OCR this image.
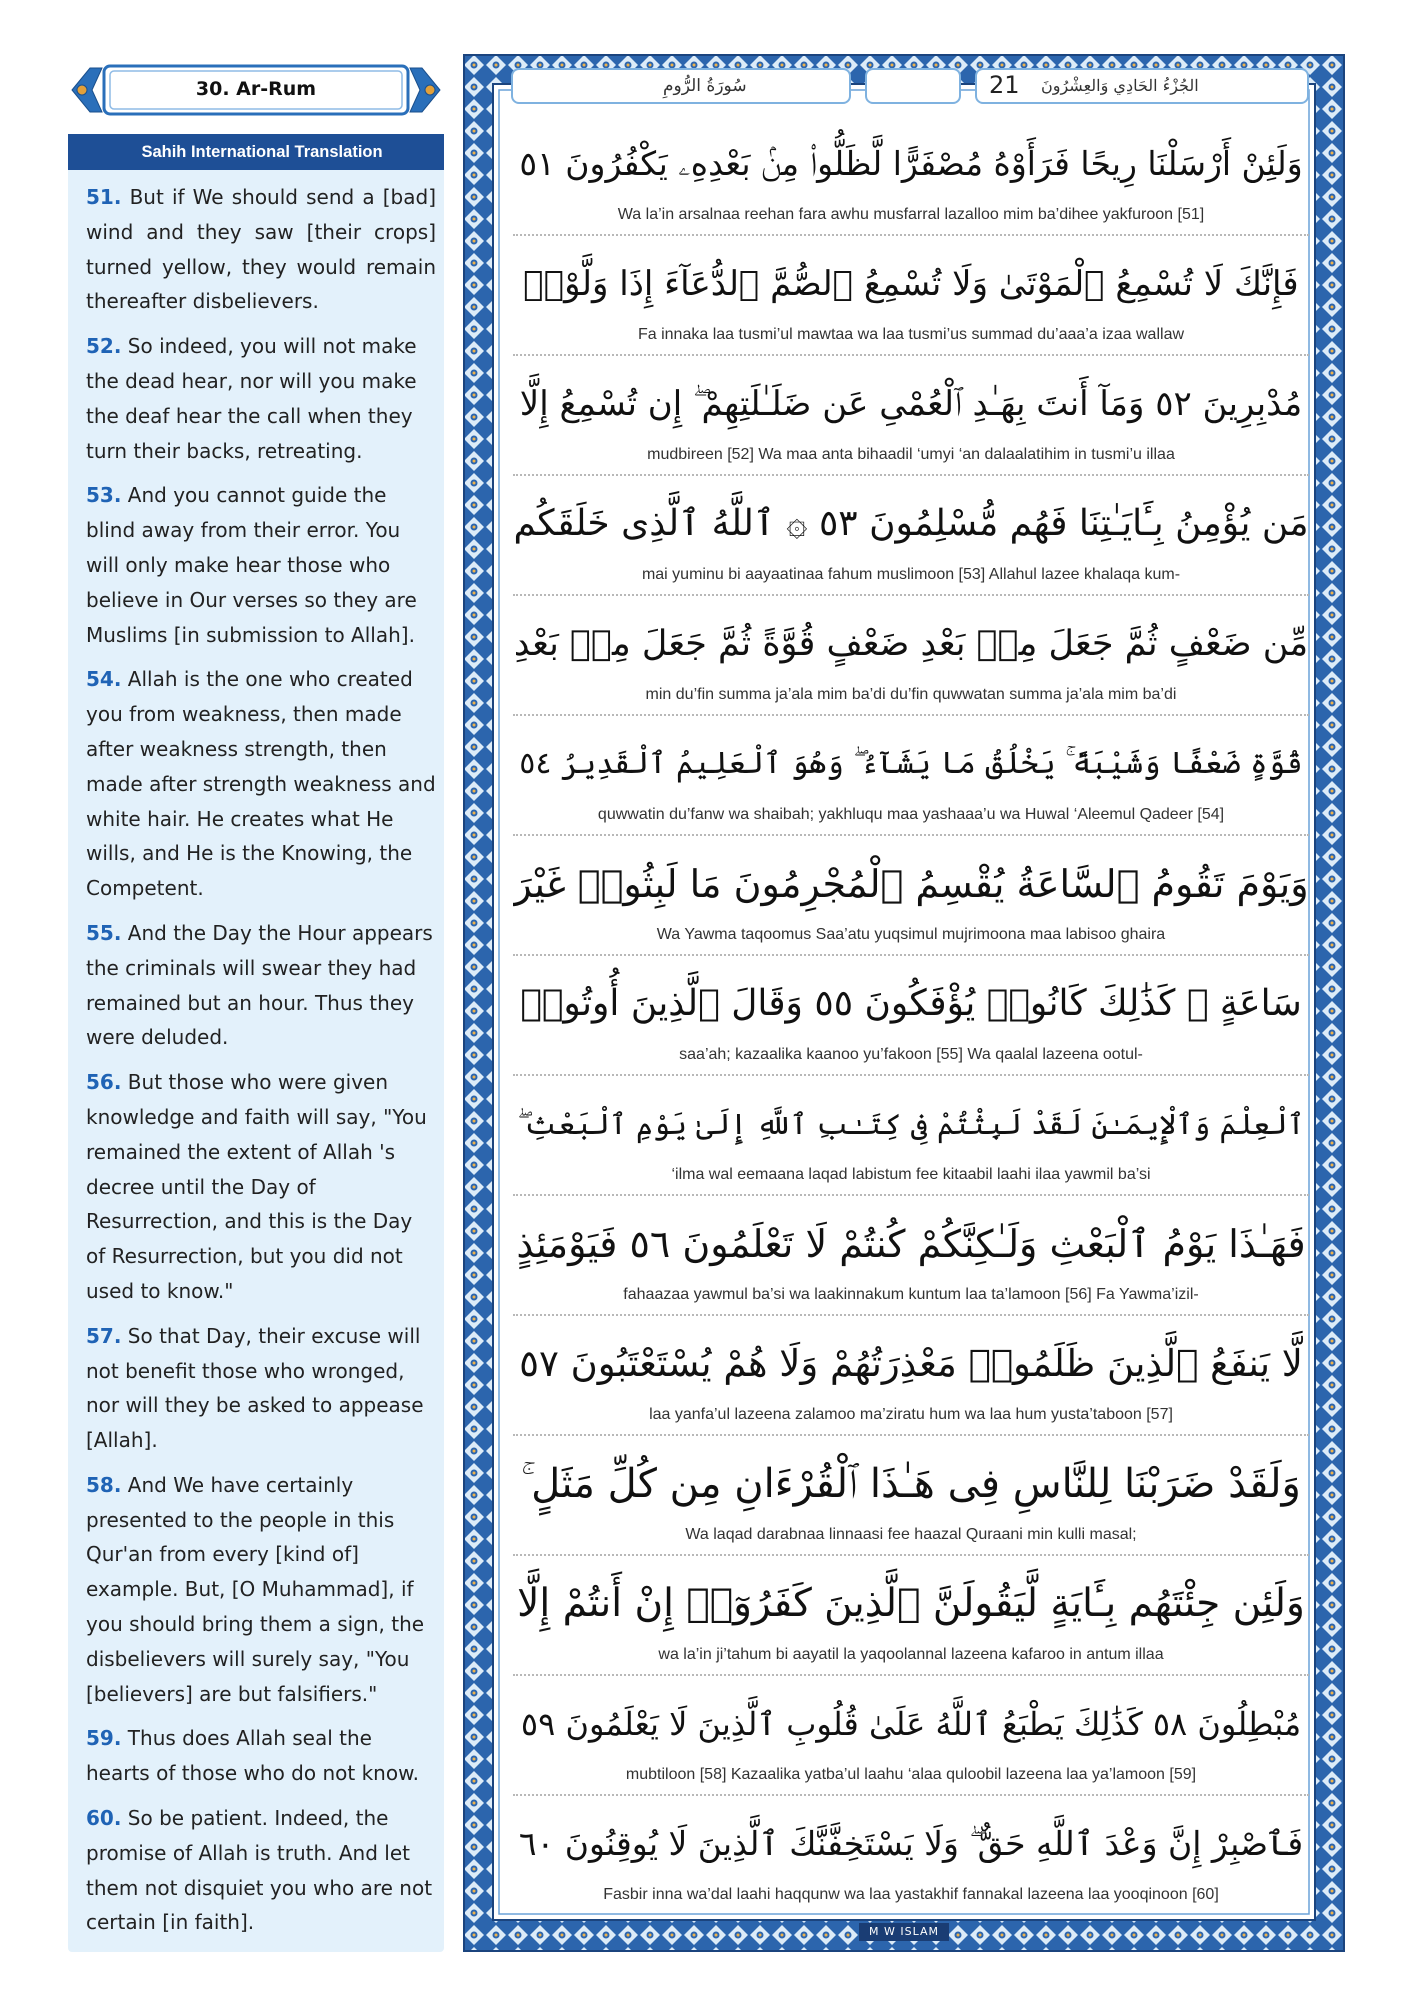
30. Ar-Rum
Sahih International Translation
51. But if We should send a [bad] wind and they saw [their crops] turned yellow, they would remain thereafter disbelievers.
52. So indeed, you will not make the dead hear, nor will you make the deaf hear the call when they turn their backs, retreating.
53. And you cannot guide the blind away from their error. You will only make hear those who believe in Our verses so they are Muslims [in submission to Allah].
54. Allah is the one who created you from weakness, then made after weakness strength, then made after strength weakness and white hair. He creates what He wills, and He is the Knowing, the Competent.
55. And the Day the Hour appears the criminals will swear they had remained but an hour. Thus they were deluded.
56. But those who were given knowledge and faith will say, "You remained the extent of Allah 's decree until the Day of Resurrection, and this is the Day of Resurrection, but you did not used to know."
57. So that Day, their excuse will not benefit those who wronged, nor will they be asked to appease [Allah].
58. And We have certainly presented to the people in this Qur'an from every [kind of] example. But, [O Muhammad], if you should bring them a sign, the disbelievers will surely say, "You [believers] are but falsifiers."
59. Thus does Allah seal the hearts of those who do not know.
60. So be patient. Indeed, the promise of Allah is truth. And let them not disquiet you who are not certain [in faith].
سُورَةُ الرُّومِ	21 الجُزْءُ الحَادِي وَالعِشْرُونَ
وَلَئِنْ أَرْسَلْنَا رِيحًا فَرَأَوْهُ مُصْفَرًّا لَّظَلُّوا۟ مِنۢ بَعْدِهِۦ يَكْفُرُونَ ٥١
Wa la’in arsalnaa reehan fara awhu musfarral lazalloo mim ba’dihee yakfuroon [51]
فَإِنَّكَ لَا تُسْمِعُ ٱلْمَوْتَىٰ وَلَا تُسْمِعُ ٱلصُّمَّ ٱلدُّعَآءَ إِذَا وَلَّوْا۟
Fa innaka laa tusmi’ul mawtaa wa laa tusmi’us summad du’aaa’a izaa wallaw
مُدْبِرِينَ ٥٢ وَمَآ أَنتَ بِهَـٰدِ ٱلْعُمْىِ عَن ضَلَـٰلَتِهِمْ ۖ إِن تُسْمِعُ إِلَّا
mudbireen [52] Wa maa anta bihaadil ‘umyi ‘an dalaalatihim in tusmi’u illaa
مَن يُؤْمِنُ بِـَٔايَـٰتِنَا فَهُم مُّسْلِمُونَ ٥٣ ۞ ٱللَّهُ ٱلَّذِى خَلَقَكُم
mai yuminu bi aayaatinaa fahum muslimoon [53] Allahul lazee khalaqa kum-
مِّن ضَعْفٍ ثُمَّ جَعَلَ مِنۢ بَعْدِ ضَعْفٍ قُوَّةً ثُمَّ جَعَلَ مِنۢ بَعْدِ
min du’fin summa ja’ala mim ba’di du’fin quwwatan summa ja’ala mim ba’di
قُوَّةٍ ضَعْفًا وَشَيْبَةً ۚ يَخْلُقُ مَا يَشَآءُ ۖ وَهُوَ ٱلْعَلِيمُ ٱلْقَدِيرُ ٥٤
quwwatin du’fanw wa shaibah; yakhluqu maa yashaaa’u wa Huwal ‘Aleemul Qadeer [54]
وَيَوْمَ تَقُومُ ٱلسَّاعَةُ يُقْسِمُ ٱلْمُجْرِمُونَ مَا لَبِثُوا۟ غَيْرَ
Wa Yawma taqoomus Saa’atu yuqsimul mujrimoona maa labisoo ghaira
سَاعَةٍ ۚ كَذَٰلِكَ كَانُوا۟ يُؤْفَكُونَ ٥٥ وَقَالَ ٱلَّذِينَ أُوتُوا۟
saa’ah; kazaalika kaanoo yu’fakoon [55] Wa qaalal lazeena ootul-
ٱلْعِلْمَ وَٱلْإِيمَـٰنَ لَقَدْ لَبِثْتُمْ فِى كِتَـٰبِ ٱللَّهِ إِلَىٰ يَوْمِ ٱلْبَعْثِ ۖ
‘ilma wal eemaana laqad labistum fee kitaabil laahi ilaa yawmil ba’si
فَهَـٰذَا يَوْمُ ٱلْبَعْثِ وَلَـٰكِنَّكُمْ كُنتُمْ لَا تَعْلَمُونَ ٥٦ فَيَوْمَئِذٍ
fahaazaa yawmul ba’si wa laakinnakum kuntum laa ta’lamoon [56] Fa Yawma’izil-
لَّا يَنفَعُ ٱلَّذِينَ ظَلَمُوا۟ مَعْذِرَتُهُمْ وَلَا هُمْ يُسْتَعْتَبُونَ ٥٧
laa yanfa’ul lazeena zalamoo ma’ziratu hum wa laa hum yusta’taboon [57]
وَلَقَدْ ضَرَبْنَا لِلنَّاسِ فِى هَـٰذَا ٱلْقُرْءَانِ مِن كُلِّ مَثَلٍ ۚ
Wa laqad darabnaa linnaasi fee haazal Quraani min kulli masal;
وَلَئِن جِئْتَهُم بِـَٔايَةٍ لَّيَقُولَنَّ ٱلَّذِينَ كَفَرُوٓا۟ إِنْ أَنتُمْ إِلَّا
wa la’in ji’tahum bi aayatil la yaqoolannal lazeena kafaroo in antum illaa
مُبْطِلُونَ ٥٨ كَذَٰلِكَ يَطْبَعُ ٱللَّهُ عَلَىٰ قُلُوبِ ٱلَّذِينَ لَا يَعْلَمُونَ ٥٩
mubtiloon [58] Kazaalika yatba’ul laahu ‘alaa quloobil lazeena laa ya’lamoon [59]
فَٱصْبِرْ إِنَّ وَعْدَ ٱللَّهِ حَقٌّ ۖ وَلَا يَسْتَخِفَّنَّكَ ٱلَّذِينَ لَا يُوقِنُونَ ٦٠
Fasbir inna wa’dal laahi haqqunw wa laa yastakhif fannakal lazeena laa yooqinoon [60]
M W ISLAM
